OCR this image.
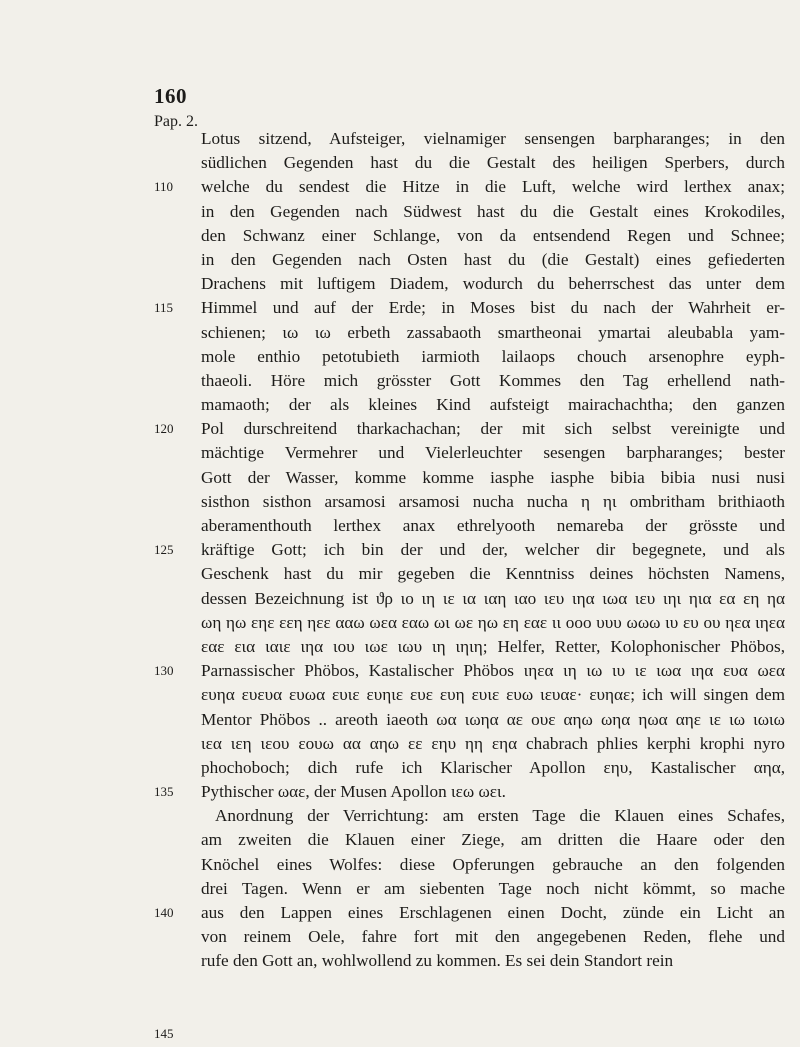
160
Pap. 2.
110
115
120
125
130
135
140
145
Lotus sitzend, Aufsteiger, vielnamiger sensengen barpharanges; in den
südlichen Gegenden hast du die Gestalt des heiligen Sperbers, durch
welche du sendest die Hitze in die Luft, welche wird lerthex anax;
in den Gegenden nach Südwest hast du die Gestalt eines Krokodiles,
den Schwanz einer Schlange, von da entsendend Regen und Schnee;
in den Gegenden nach Osten hast du (die Gestalt) eines gefiederten
Drachens mit luftigem Diadem, wodurch du beherrschest das unter dem
Himmel und auf der Erde; in Moses bist du nach der Wahrheit er-
schienen; ιω ιω erbeth zassabaoth smartheonai ymartai aleubabla yam-
mole enthio petotubieth iarmioth lailaops chouch arsenophre eyph-
thaeoli. Höre mich grösster Gott Kommes den Tag erhellend nath-
mamaoth; der als kleines Kind aufsteigt mairachachtha; den ganzen
Pol durschreitend tharkachachan; der mit sich selbst vereinigte und
mächtige Vermehrer und Vielerleuchter sesengen barpharanges; bester
Gott der Wasser, komme komme iasphe iasphe bibia bibia nusi nusi
sisthon sisthon arsamosi arsamosi nucha nucha η ηι ombritham brithiaoth
aberamenthouth lerthex anax ethrelyooth nemareba der grösste und
kräftige Gott; ich bin der und der, welcher dir begegnete, und als
Geschenk hast du mir gegeben die Kenntniss deines höchsten Namens,
dessen Bezeichnung ist ϑρ ιο ιη ιε ια ιαη ιαο ιευ ιηα ιωα ιευ ιηι ηια εα εη ηα
ωη ηω εηε εεη ηεε ααω ωεα εαω ωι ωε ηω εη εαε ιι οοο υυυ ωωω ιυ ευ ου ηεα ιηεα
εαε εια ιαιε ιηα ιου ιωε ιωυ ιη ιηιη; Helfer, Retter, Kolophonischer Phöbos,
Parnassischer Phöbos, Kastalischer Phöbos ιηεα ιη ιω ιυ ιε ιωα ιηα ευα ωεα
ευηα ευευα ευωα ευιε ευηιε ευε ευη ευιε ευω ιευαε· ευηαε; ich will singen dem
Mentor Phöbos .. areoth iaeoth ωα ιωηα αε ουε αηω ωηα ηωα αηε ιε ιω ιωιω
ιεα ιεη ιεου εουω αα αηω εε εηυ ηη εηα chabrach phlies kerphi krophi nyro
phochoboch; dich rufe ich Klarischer Apollon εηυ, Kastalischer αηα,
Pythischer ωαε, der Musen Apollon ιεω ωει.
Anordnung der Verrichtung: am ersten Tage die Klauen eines Schafes,
am zweiten die Klauen einer Ziege, am dritten die Haare oder den
Knöchel eines Wolfes: diese Opferungen gebrauche an den folgenden
drei Tagen. Wenn er am siebenten Tage noch nicht kömmt, so mache
aus den Lappen eines Erschlagenen einen Docht, zünde ein Licht an
von reinem Oele, fahre fort mit den angegebenen Reden, flehe und
rufe den Gott an, wohlwollend zu kommen. Es sei dein Standort rein
